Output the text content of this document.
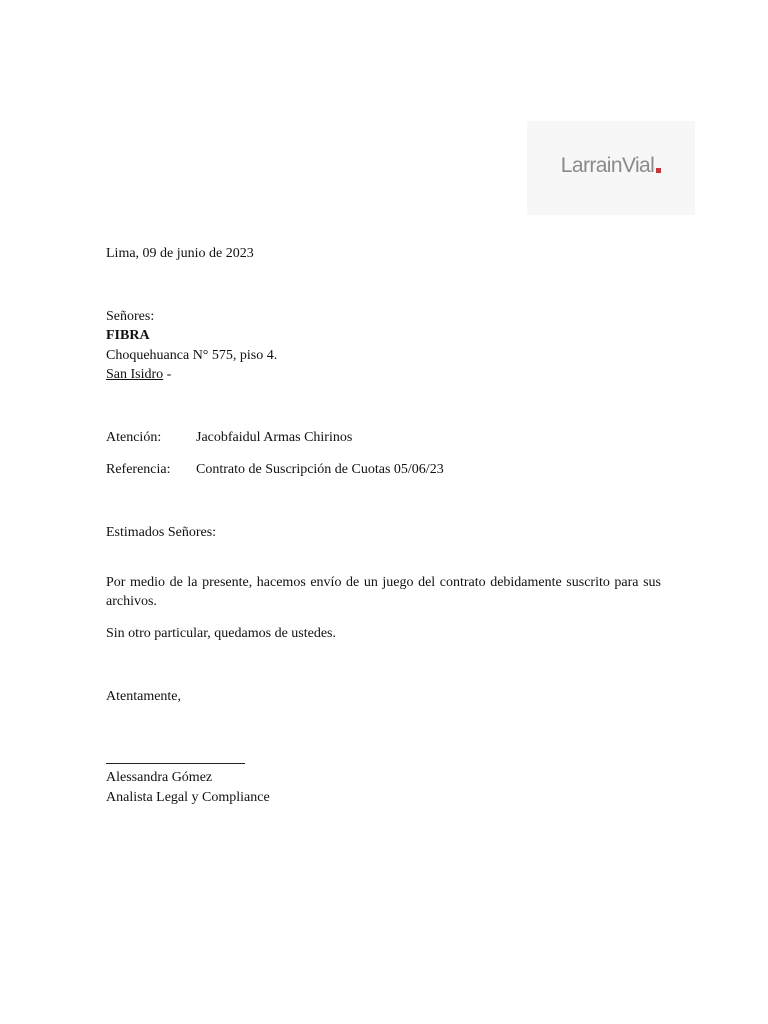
LarrainVial
Lima, 09 de junio de 2023
Señores:
FIBRA
Choquehuanca N° 575, piso 4.
San Isidro -
Atención: Jacobfaidul Armas Chirinos
Referencia: Contrato de Suscripción de Cuotas 05/06/23
Estimados Señores:
Por medio de la presente, hacemos envío de un juego del contrato debidamente suscrito para sus archivos.
Sin otro particular, quedamos de ustedes.
Atentamente,
Alessandra Gómez
Analista Legal y Compliance
